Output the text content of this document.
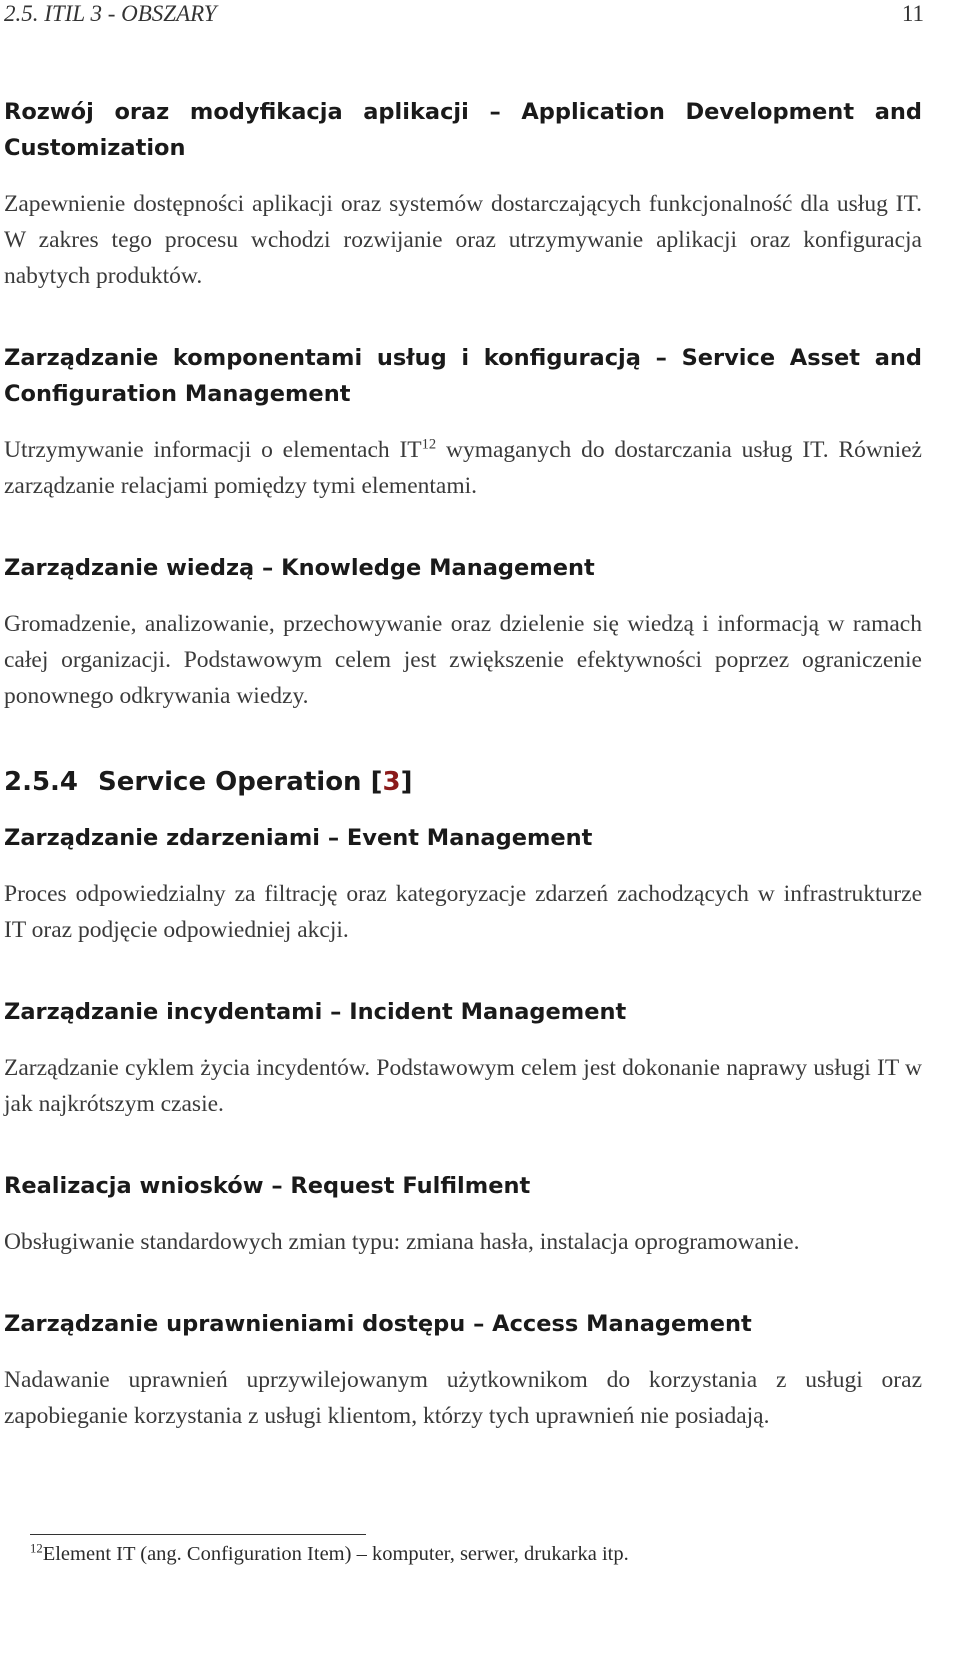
2.5. ITIL 3 - OBSZARY	11

Rozwój oraz modyfikacja aplikacji – Application Development and Customization

Zapewnienie dostępności aplikacji oraz systemów dostarczających funkcjonalność dla usług IT. W zakres tego procesu wchodzi rozwijanie oraz utrzymywanie aplikacji oraz konfiguracja nabytych produktów.

Zarządzanie komponentami usług i konfiguracją – Service Asset and Configuration Management

Utrzymywanie informacji o elementach IT$^{12}$ wymaganych do dostarczania usług IT. Również zarządzanie relacjami pomiędzy tymi elementami.

Zarządzanie wiedzą – Knowledge Management

Gromadzenie, analizowanie, przechowywanie oraz dzielenie się wiedzą i informacją w ramach całej organizacji. Podstawowym celem jest zwiększenie efektywności poprzez ograniczenie ponownego odkrywania wiedzy.

2.5.4 Service Operation [3]

Zarządzanie zdarzeniami – Event Management

Proces odpowiedzialny za filtrację oraz kategoryzacje zdarzeń zachodzących w infrastrukturze IT oraz podjęcie odpowiedniej akcji.

Zarządzanie incydentami – Incident Management

Zarządzanie cyklem życia incydentów. Podstawowym celem jest dokonanie naprawy usługi IT w jak najkrótszym czasie.

Realizacja wniosków – Request Fulfilment

Obsługiwanie standardowych zmian typu: zmiana hasła, instalacja oprogramowanie.

Zarządzanie uprawnieniami dostępu – Access Management

Nadawanie uprawnień uprzywilejowanym użytkownikom do korzystania z usługi oraz zapobieganie korzystania z usługi klientom, którzy tych uprawnień nie posiadają.

$^{12}$Element IT (ang. Configuration Item) – komputer, serwer, drukarka itp.
